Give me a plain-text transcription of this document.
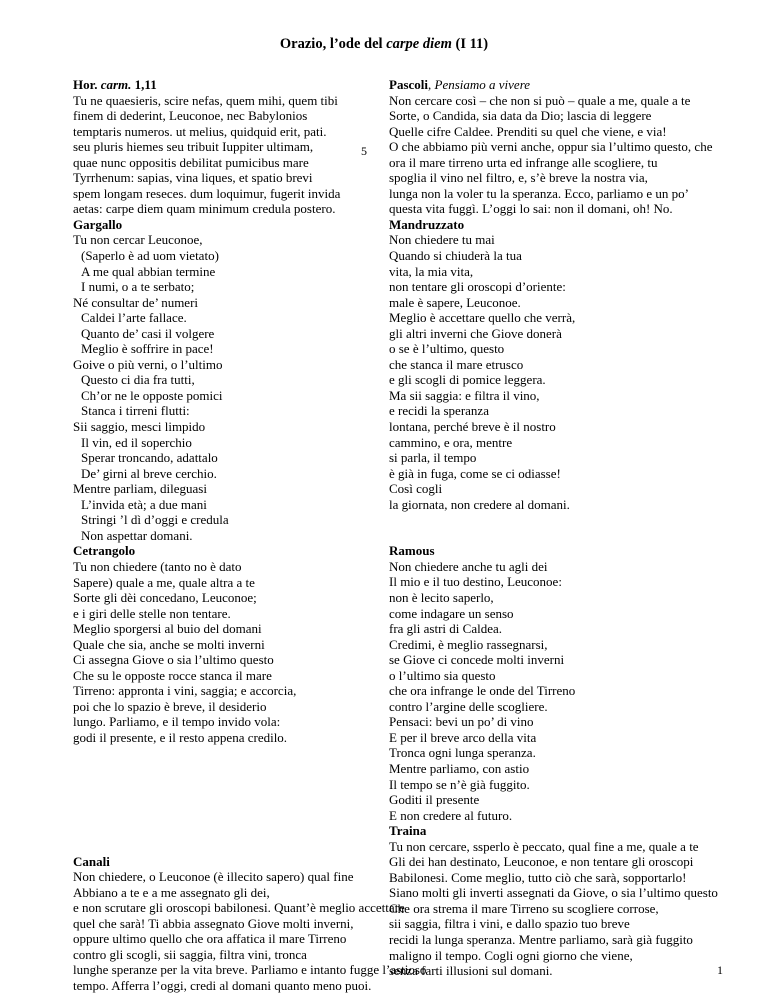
Orazio, l’ode del carpe diem (I 11)
5
Hor. carm. 1,11
Tu ne quaesieris, scire nefas, quem mihi, quem tibi
finem di dederint, Leuconoe, nec Babylonios
temptaris numeros. ut melius, quidquid erit, pati.
seu pluris hiemes seu tribuit Iuppiter ultimam,
quae nunc oppositis debilitat pumicibus mare
Tyrrhenum: sapias, vina liques, et spatio brevi
spem longam reseces. dum loquimur, fugerit invida
aetas: carpe diem quam minimum credula postero.
Gargallo
Tu non cercar Leuconoe,
(Saperlo è ad uom vietato)
A me qual abbian termine
I numi, o a te serbato;
Né consultar de’ numeri
Caldei l’arte fallace.
Quanto de’ casi il volgere
Meglio è soffrire in pace!
Goive o più verni, o l’ultimo
Questo ci dia fra tutti,
Ch’or ne le opposte pomici
Stanca i tirreni flutti:
Sii saggio, mesci limpido
Il vin, ed il soperchio
Sperar troncando, adattalo
De’ girni al breve cerchio.
Mentre parliam, dileguasi
L’invida età; a due mani
Stringi ’l dì d’oggi e credula
Non aspettar domani.
Cetrangolo
Tu non chiedere (tanto no è dato
Sapere) quale a me, quale altra a te
Sorte gli dèi concedano, Leuconoe;
e i giri delle stelle non tentare.
Meglio sporgersi al buio del domani
Quale che sia, anche se molti inverni
Ci assegna Giove o sia l’ultimo questo
Che su le opposte rocce stanca il mare
Tirreno: appronta i vini, saggia; e accorcia,
poi che lo spazio è breve, il desiderio
lungo. Parliamo, e il tempo invido vola:
godi il presente, e il resto appena credilo.
Canali
Non chiedere, o Leuconoe (è illecito sapero) qual fine
Abbiano a te e a me assegnato gli dei,
e non scrutare gli oroscopi babilonesi. Quant’è meglio accettare
quel che sarà! Ti abbia assegnato Giove molti inverni,
oppure ultimo quello che ora affatica il mare Tirreno
contro gli scogli, sii saggia, filtra vini, tronca
lunghe speranze per la vita breve. Parliamo e intanto fugge l’astioso
tempo. Afferra l’oggi, credi al domani quanto meno puoi.
Pascoli, Pensiamo a vivere
Non cercare così – che non si può – quale a me, quale a te
Sorte, o Candida, sia data da Dio; lascia di leggere
Quelle cifre Caldee. Prenditi su quel che viene, e via!
O che abbiamo più verni anche, oppur sia l’ultimo questo, che
ora il mare tirreno urta ed infrange alle scogliere, tu
spoglia il vino nel filtro, e, s’è breve la nostra via,
lunga non la voler tu la speranza. Ecco, parliamo e un po’
questa vita fuggì. L’oggi lo sai: non il domani, oh! No.
Mandruzzato
Non chiedere tu mai
Quando si chiuderà la tua
vita, la mia vita,
non tentare gli oroscopi d’oriente:
male è sapere, Leuconoe.
Meglio è accettare quello che verrà,
gli altri inverni che Giove donerà
o se è l’ultimo, questo
che stanca il mare etrusco
e gli scogli di pomice leggera.
Ma sii saggia: e filtra il vino,
e recidi la speranza
lontana, perché breve è il nostro
cammino, e ora, mentre
si parla, il tempo
è già in fuga, come se ci odiasse!
Così cogli
la giornata, non credere al domani.
Ramous
Non chiedere anche tu agli dei
Il mio e il tuo destino, Leuconoe:
non è lecito saperlo,
come indagare un senso
fra gli astri di Caldea.
Credimi, è meglio rassegnarsi,
se Giove ci concede molti inverni
o l’ultimo sia questo
che ora infrange le onde del Tirreno
contro l’argine delle scogliere.
Pensaci: bevi un po’ di vino
E per il breve arco della vita
Tronca ogni lunga speranza.
Mentre parliamo, con astio
Il tempo se n’è già fuggito.
Goditi il presente
E non credere al futuro.
Traina
Tu non cercare, ssperlo è peccato, qual fine a me, quale a te
Gli dei han destinato, Leuconoe, e non tentare gli oroscopi
Babilonesi. Come meglio, tutto ciò che sarà, sopportarlo!
Siano molti gli inverti assegnati da Giove, o sia l’ultimo questo
Che ora strema il mare Tirreno su scogliere corrose,
sii saggia, filtra i vini, e dallo spazio tuo breve
recidi la lunga speranza. Mentre parliamo, sarà già fuggito
maligno il tempo. Cogli ogni giorno che viene,
senza farti illusioni sul domani.	1
